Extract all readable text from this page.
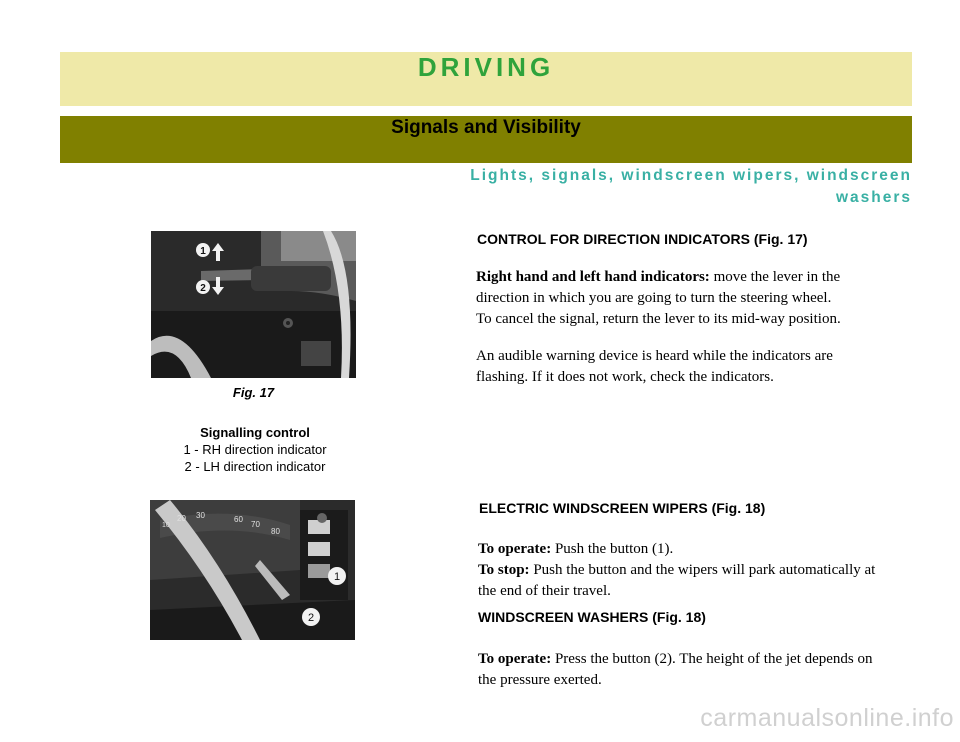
DRIVING
Signals and Visibility
Lights, signals, windscreen wipers, windscreen
washers
1
2
Fig. 17
Signalling control
1 - RH direction indicator
2 - LH direction indicator
10
20 30	60
70
80
1
2
CONTROL FOR DIRECTION INDICATORS (Fig. 17)
Right hand and left hand indicators: move the lever in the
direction in which you are going to turn the steering wheel.
To cancel the signal, return the lever to its mid-way position.
An audible warning device is heard while the indicators are
flashing. If it does not work, check the indicators.
ELECTRIC WINDSCREEN WIPERS (Fig. 18)
To operate: Push the button (1).
To stop: Push the button and the wipers will park automatically at
the end of their travel.
WINDSCREEN WASHERS (Fig. 18)
To operate: Press the button (2). The height of the jet depends on
the pressure exerted.
carmanualsonline.info
